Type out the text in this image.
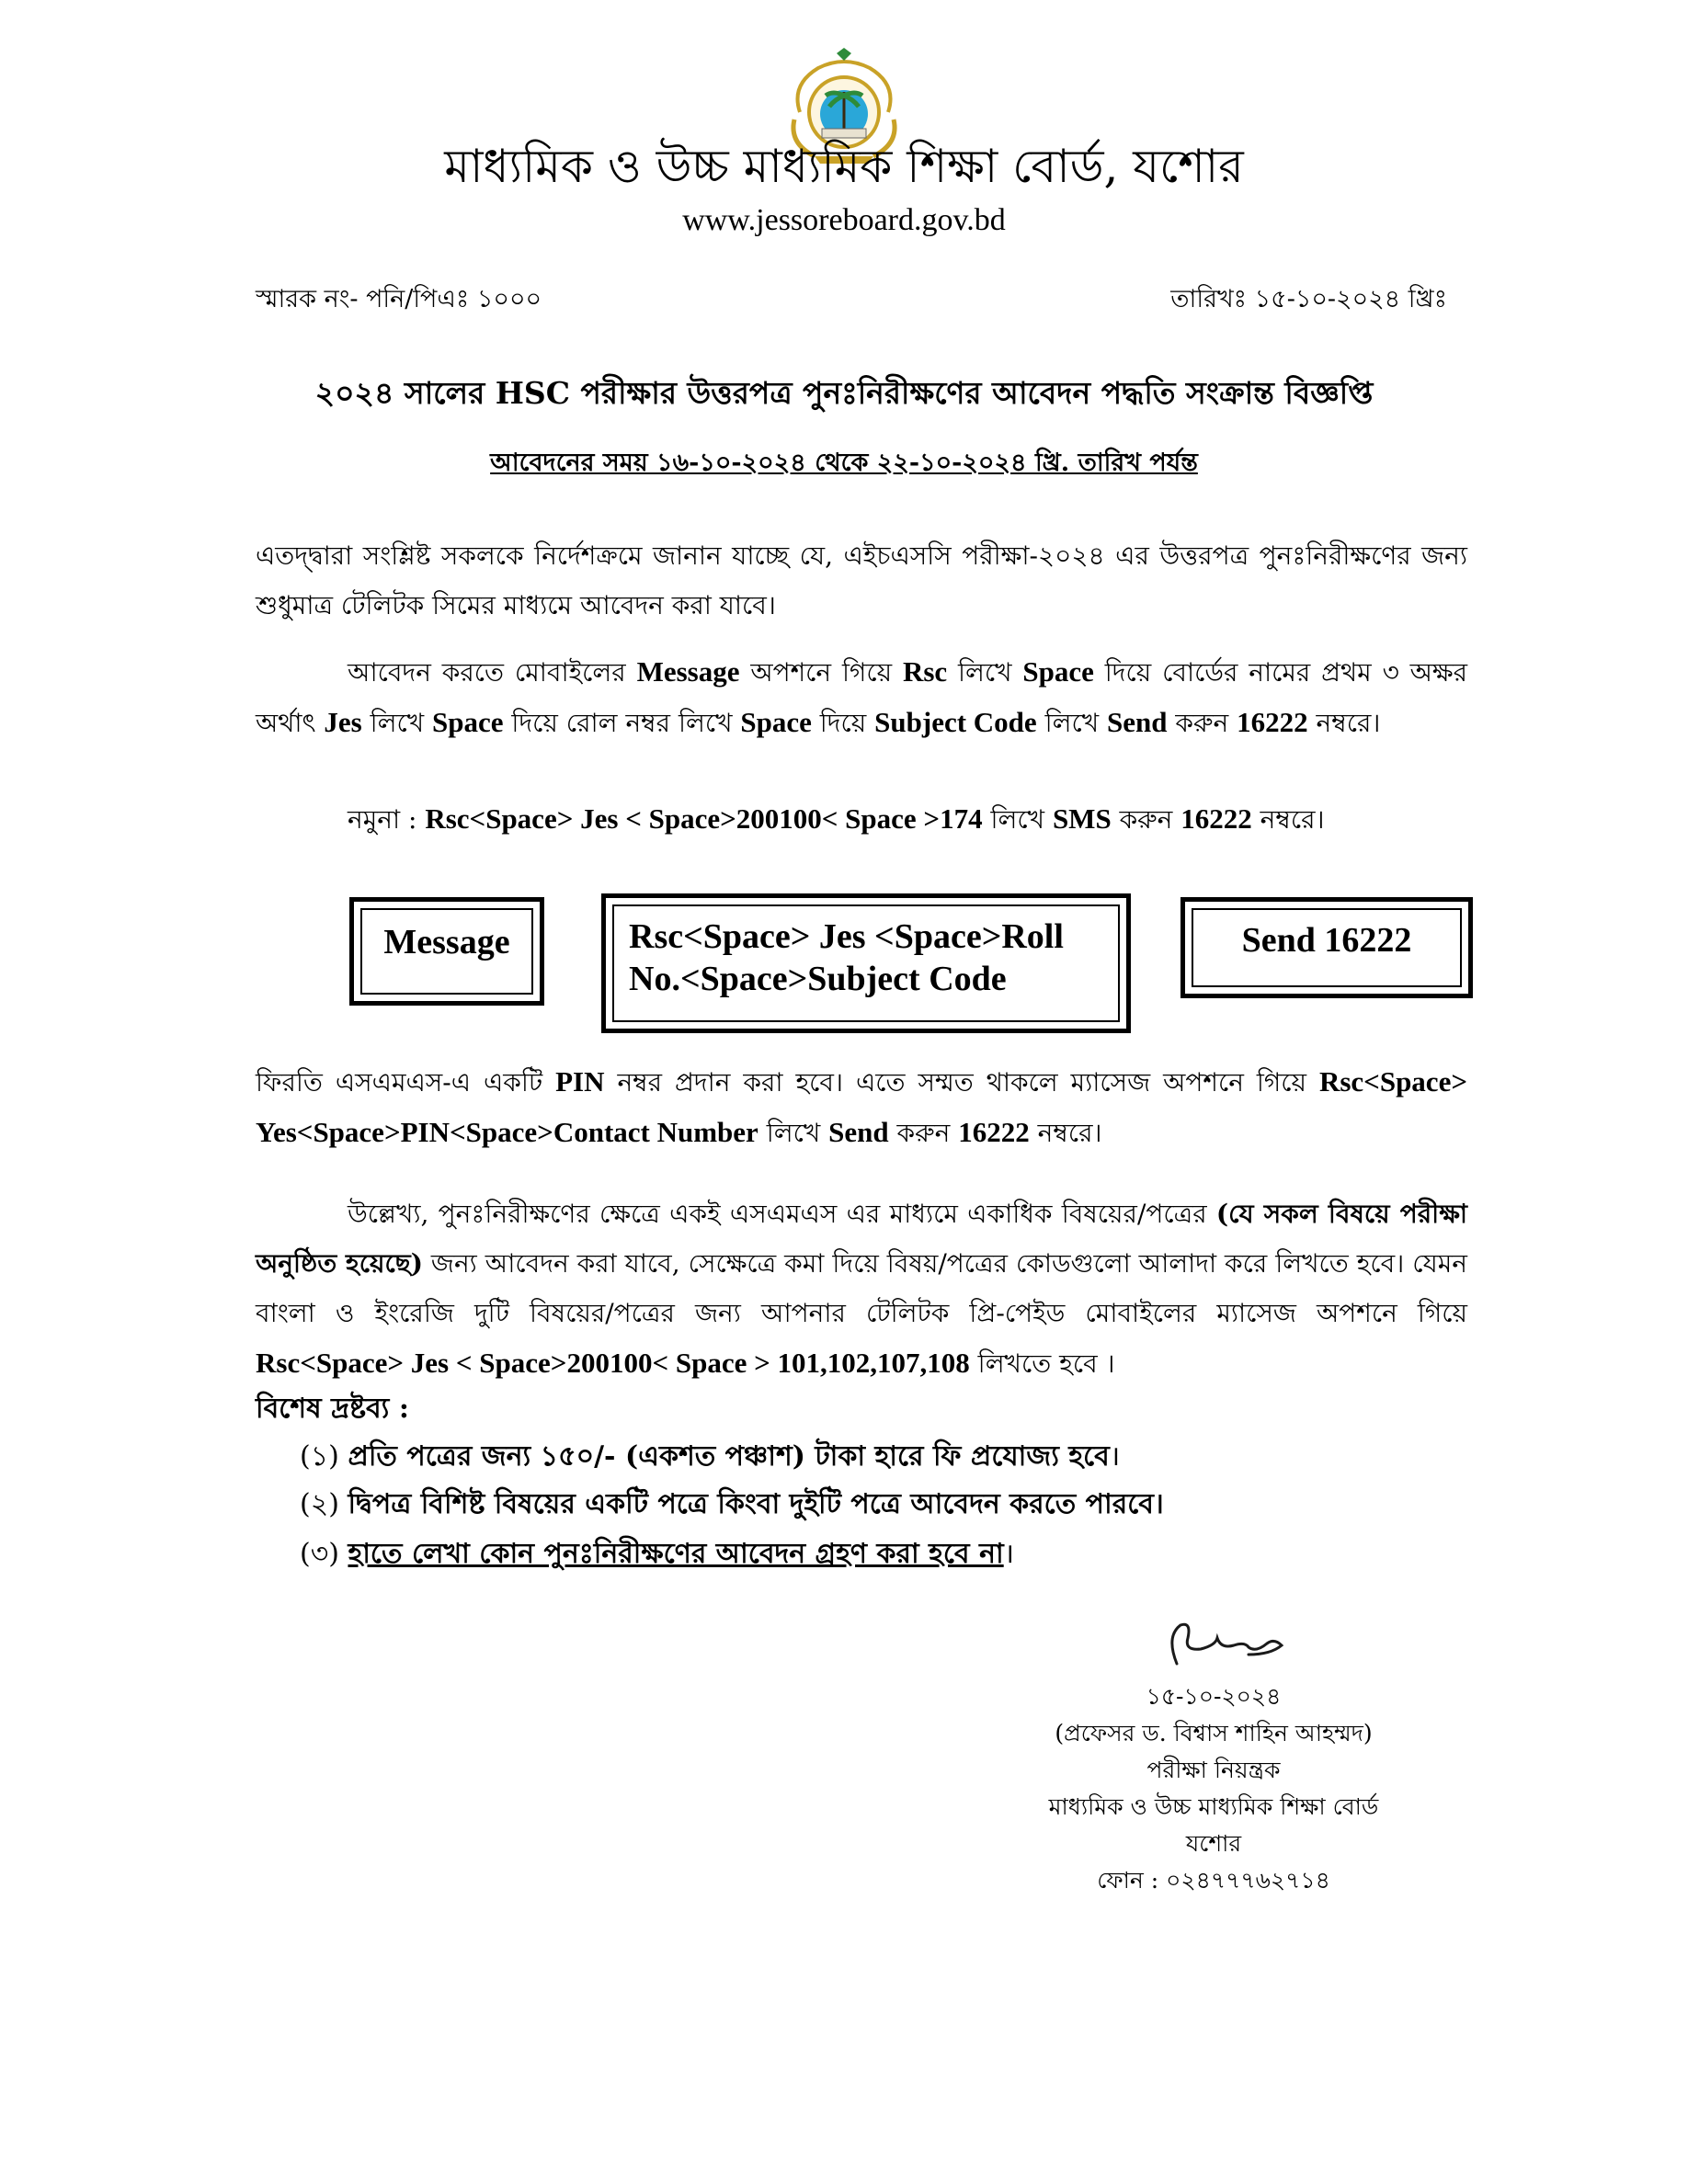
মাধ্যমিক ও উচ্চ মাধ্যমিক শিক্ষা বোর্ড, যশোর
www.jessoreboard.gov.bd
স্মারক নং- পনি/পিএঃ ১০০০	তারিখঃ ১৫-১০-২০২৪ খ্রিঃ
২০২৪ সালের HSC পরীক্ষার উত্তরপত্র পুনঃনিরীক্ষণের আবেদন পদ্ধতি সংক্রান্ত বিজ্ঞপ্তি
আবেদনের সময় ১৬-১০-২০২৪ থেকে ২২-১০-২০২৪ খ্রি. তারিখ পর্যন্ত
এতদ্দ্বারা সংশ্লিষ্ট সকলকে নির্দেশক্রমে জানান যাচ্ছে যে, এইচএসসি পরীক্ষা-২০২৪ এর উত্তরপত্র পুনঃনিরীক্ষণের জন্য শুধুমাত্র টেলিটক সিমের মাধ্যমে আবেদন করা যাবে।
আবেদন করতে মোবাইলের Message অপশনে গিয়ে Rsc লিখে Space দিয়ে বোর্ডের নামের প্রথম ৩ অক্ষর অর্থাৎ Jes লিখে Space দিয়ে রোল নম্বর লিখে Space দিয়ে Subject Code লিখে Send করুন 16222 নম্বরে।
নমুনা : Rsc<Space> Jes < Space>200100< Space >174 লিখে SMS করুন 16222 নম্বরে।
Message	Rsc<Space> Jes <Space>Roll
No.<Space>Subject Code
Send 16222
ফিরতি এসএমএস-এ একটি PIN নম্বর প্রদান করা হবে। এতে সম্মত থাকলে ম্যাসেজ অপশনে গিয়ে Rsc<Space> Yes<Space>PIN<Space>Contact Number লিখে Send করুন 16222 নম্বরে।
উল্লেখ্য, পুনঃনিরীক্ষণের ক্ষেত্রে একই এসএমএস এর মাধ্যমে একাধিক বিষয়ের/পত্রের (যে সকল বিষয়ে পরীক্ষা অনুষ্ঠিত হয়েছে) জন্য আবেদন করা যাবে, সেক্ষেত্রে কমা দিয়ে বিষয়/পত্রের কোডগুলো আলাদা করে লিখতে হবে। যেমন বাংলা ও ইংরেজি দুটি বিষয়ের/পত্রের জন্য আপনার টেলিটক প্রি-পেইড মোবাইলের ম্যাসেজ অপশনে গিয়ে Rsc<Space> Jes < Space>200100< Space > 101,102,107,108 লিখতে হবে ।
বিশেষ দ্রষ্টব্য :
(১) প্রতি পত্রের জন্য ১৫০/- (একশত পঞ্চাশ) টাকা হারে ফি প্রযোজ্য হবে।
(২) দ্বিপত্র বিশিষ্ট বিষয়ের একটি পত্রে কিংবা দুইটি পত্রে আবেদন করতে পারবে।
(৩) হাতে লেখা কোন পুনঃনিরীক্ষণের আবেদন গ্রহণ করা হবে না।
১৫-১০-২০২৪
(প্রফেসর ড. বিশ্বাস শাহিন আহম্মদ)
পরীক্ষা নিয়ন্ত্রক
মাধ্যমিক ও উচ্চ মাধ্যমিক শিক্ষা বোর্ড
যশোর
ফোন : ০২৪৭৭৭৬২৭১৪
